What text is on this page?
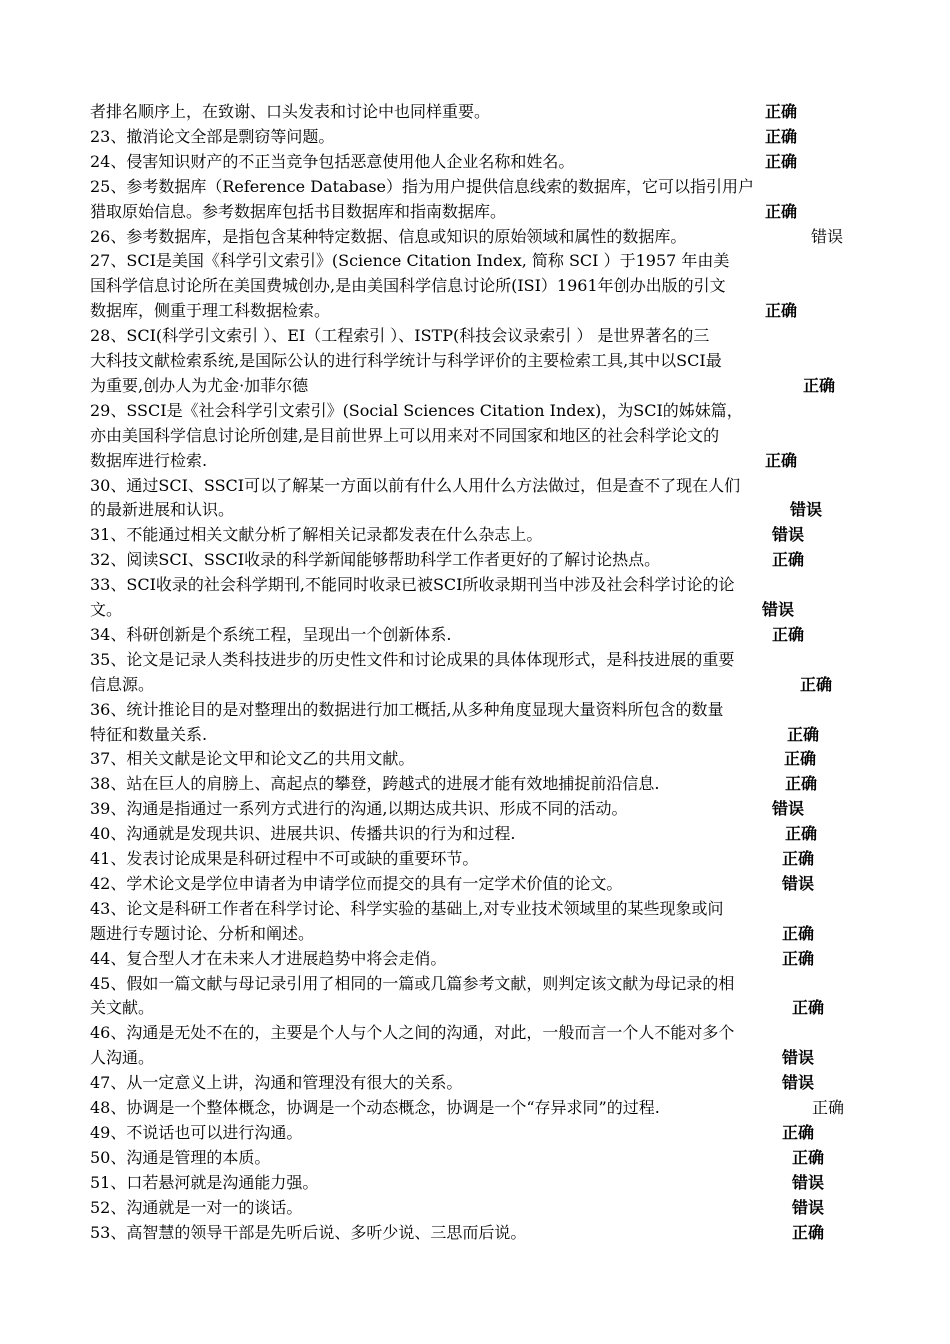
者排名顺序上，在致谢、口头发表和讨论中也同样重要。	正确
23、撤消论文全部是剽窃等问题。	正确
24、侵害知识财产的不正当竞争包括恶意使用他人企业名称和姓名。	正确
25、参考数据库（Reference Database）指为用户提供信息线索的数据库，它可以指引用户
猎取原始信息。参考数据库包括书目数据库和指南数据库。	正确
26、参考数据库，是指包含某种特定数据、信息或知识的原始领域和属性的数据库。	错误
27、SCI是美国《科学引文索引》(Science Citation Index, 简称 SCI ）于1957 年由美
国科学信息讨论所在美国费城创办,是由美国科学信息讨论所(ISI）1961年创办出版的引文
数据库，侧重于理工科数据检索。	正确
28、SCI(科学引文索引 ）、EI（工程索引 ）、ISTP(科技会议录索引 ） 是世界著名的三
大科技文献检索系统,是国际公认的进行科学统计与科学评价的主要检索工具,其中以SCI最
为重要,创办人为尤金·加菲尔德	正确
29、SSCI是《社会科学引文索引》(Social Sciences Citation Index)，为SCI的姊妹篇，
亦由美国科学信息讨论所创建,是目前世界上可以用来对不同国家和地区的社会科学论文的
数据库进行检索.	正确
30、通过SCI、SSCI可以了解某一方面以前有什么人用什么方法做过，但是查不了现在人们
的最新进展和认识。	错误
31、不能通过相关文献分析了解相关记录都发表在什么杂志上。	错误
32、阅读SCI、SSCI收录的科学新闻能够帮助科学工作者更好的了解讨论热点。	正确
33、SCI收录的社会科学期刊,不能同时收录已被SCI所收录期刊当中涉及社会科学讨论的论
文。	错误
34、科研创新是个系统工程，呈现出一个创新体系.	正确
35、论文是记录人类科技进步的历史性文件和讨论成果的具体体现形式，是科技进展的重要
信息源。	正确
36、统计推论目的是对整理出的数据进行加工概括,从多种角度显现大量资料所包含的数量
特征和数量关系.	正确
37、相关文献是论文甲和论文乙的共用文献。	正确
38、站在巨人的肩膀上、高起点的攀登，跨越式的进展才能有效地捕捉前沿信息.	正确
39、沟通是指通过一系列方式进行的沟通,以期达成共识、形成不同的活动。	错误
40、沟通就是发现共识、进展共识、传播共识的行为和过程.	正确
41、发表讨论成果是科研过程中不可或缺的重要环节。	正确
42、学术论文是学位申请者为申请学位而提交的具有一定学术价值的论文。	错误
43、论文是科研工作者在科学讨论、科学实验的基础上,对专业技术领域里的某些现象或问
题进行专题讨论、分析和阐述。	正确
44、复合型人才在未来人才进展趋势中将会走俏。	正确
45、假如一篇文献与母记录引用了相同的一篇或几篇参考文献，则判定该文献为母记录的相
关文献。	正确
46、沟通是无处不在的，主要是个人与个人之间的沟通，对此，一般而言一个人不能对多个
人沟通。	错误
47、从一定意义上讲，沟通和管理没有很大的关系。	错误
48、协调是一个整体概念，协调是一个动态概念，协调是一个“存异求同”的过程.	正确
49、不说话也可以进行沟通。	正确
50、沟通是管理的本质。	正确
51、口若悬河就是沟通能力强。	错误
52、沟通就是一对一的谈话。	错误
53、高智慧的领导干部是先听后说、多听少说、三思而后说。	正确
